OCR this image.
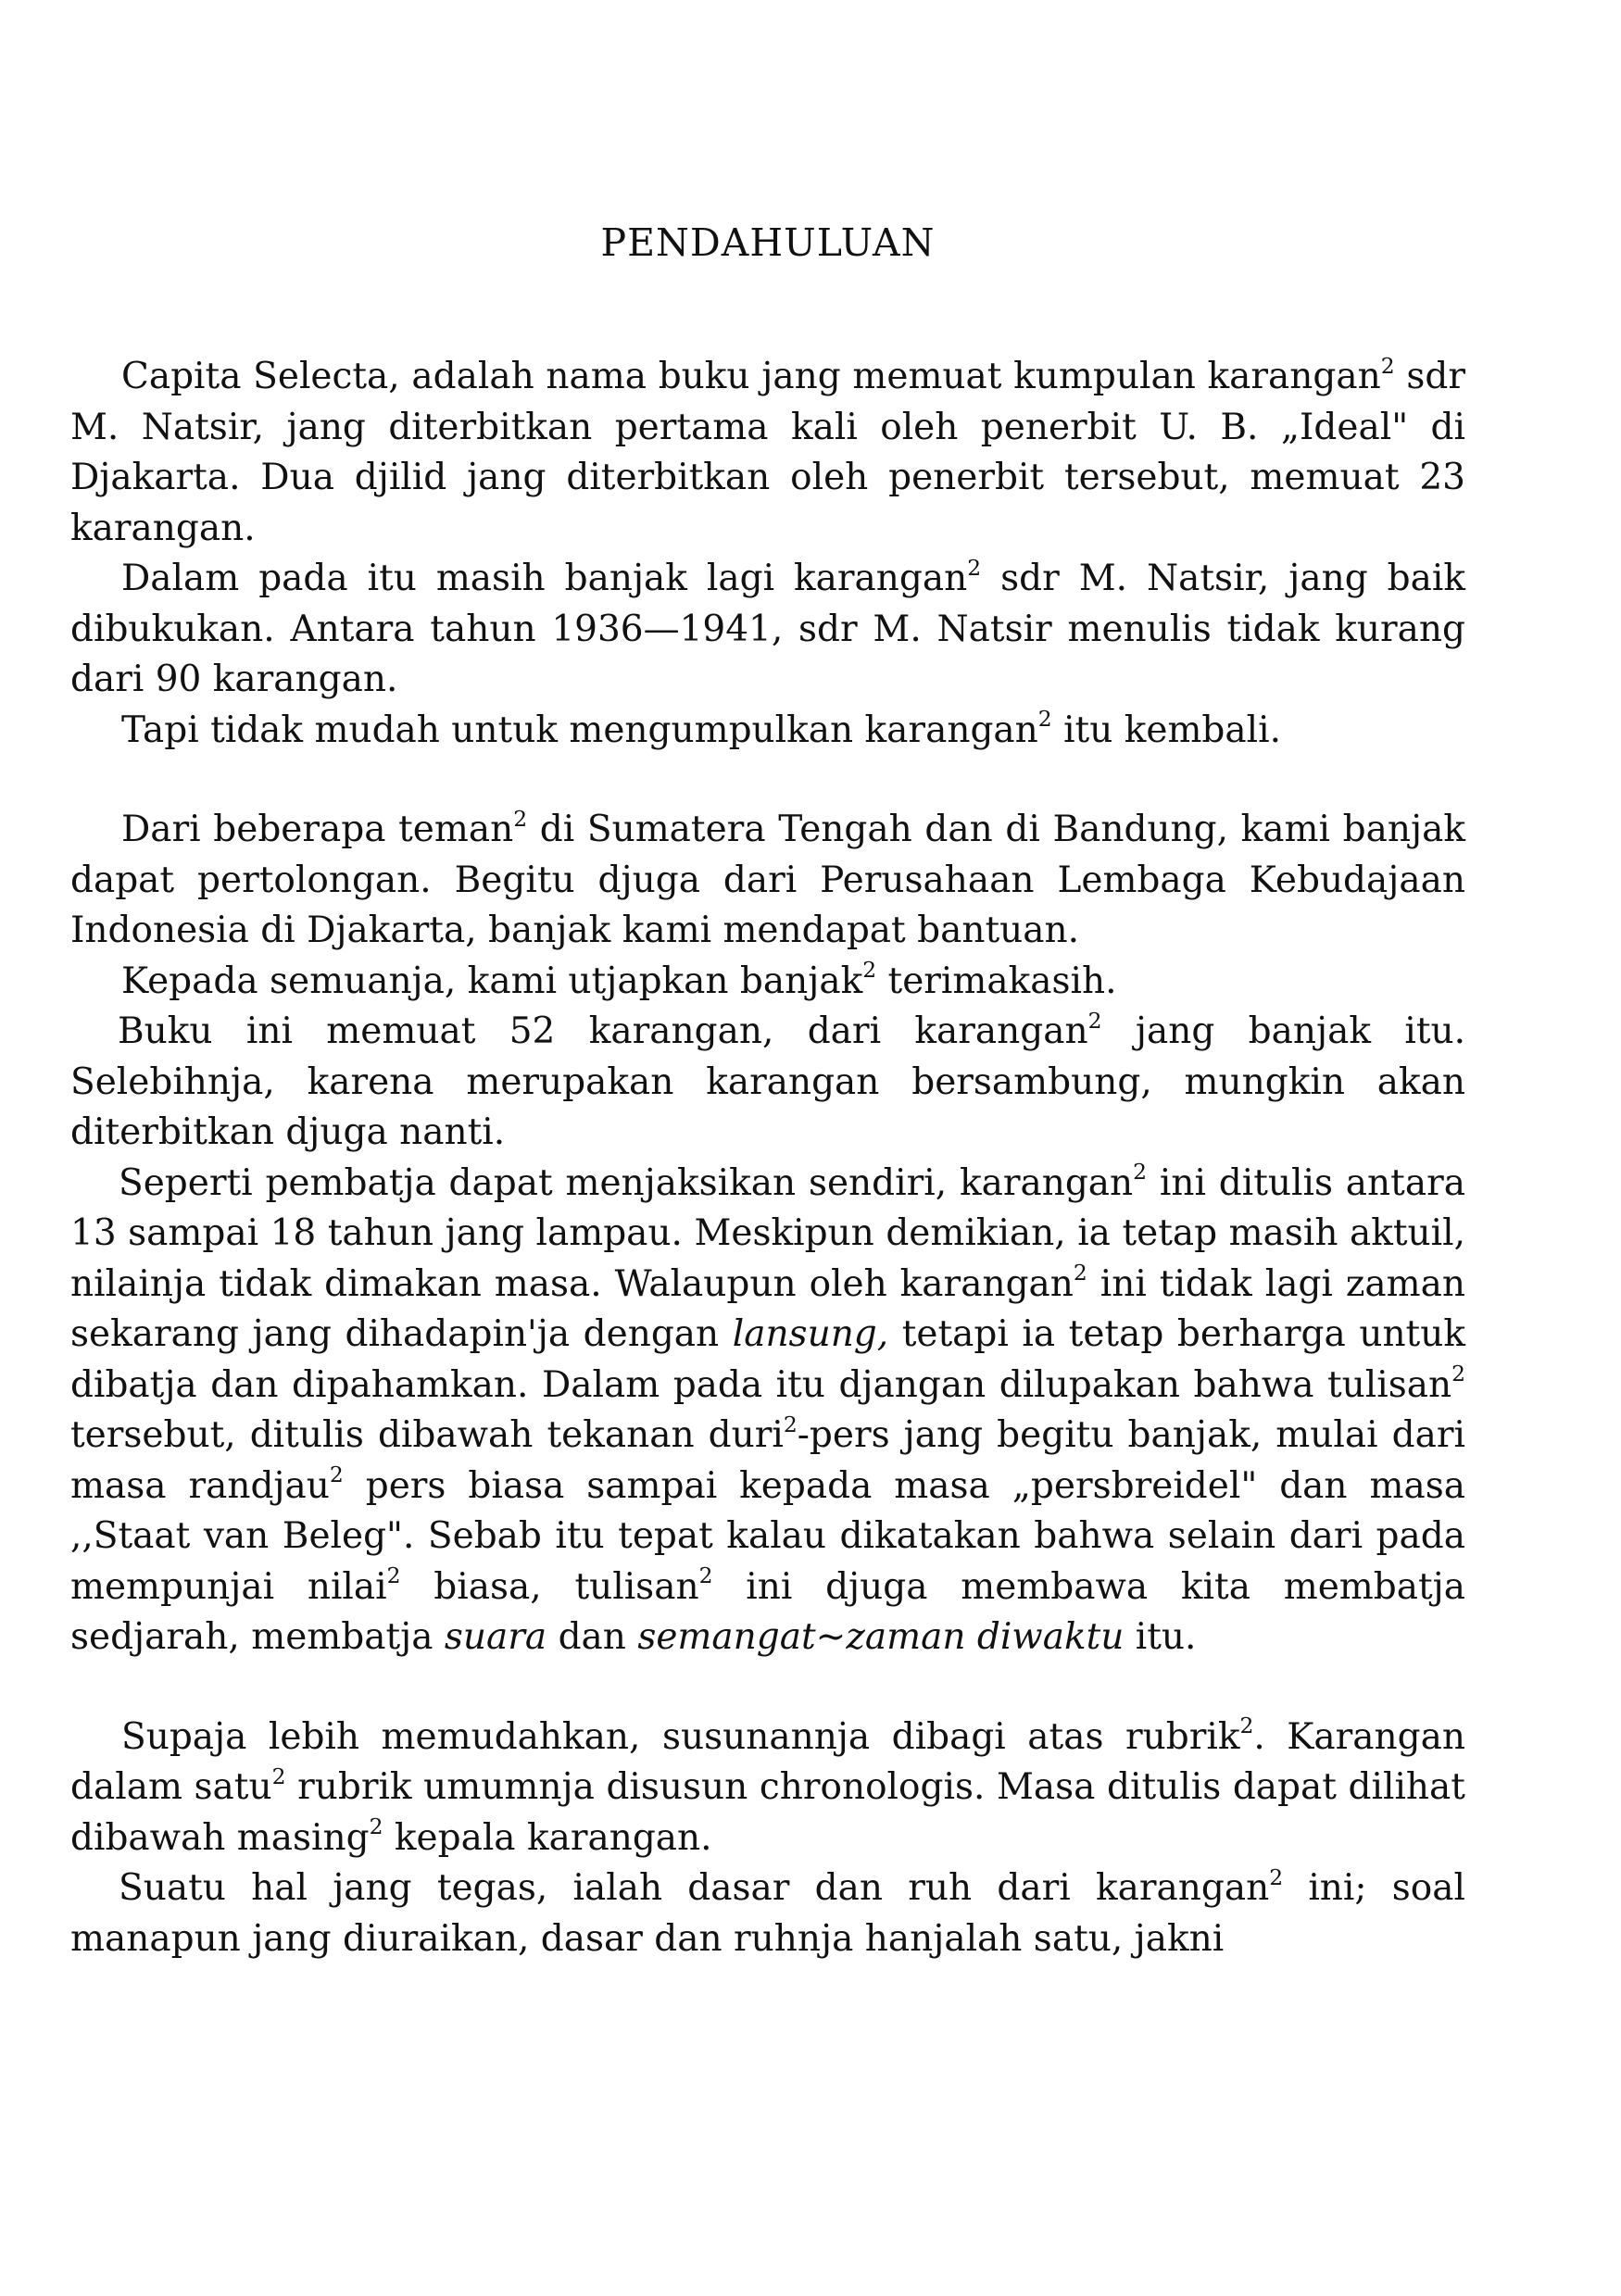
PENDAHULUAN

Capita Selecta, adalah nama buku jang memuat kumpulan karangan$^2$ sdr M. Natsir, jang diterbitkan pertama kali oleh penerbit U. B. „Ideal" di Djakarta. Dua djilid jang diterbitkan oleh penerbit tersebut, memuat 23 karangan.

Dalam pada itu masih banjak lagi karangan$^2$ sdr M. Natsir, jang baik dibukukan. Antara tahun 1936—1941, sdr M. Natsir menulis tidak kurang dari 90 karangan.

Tapi tidak mudah untuk mengumpulkan karangan$^2$ itu kembali.

Dari beberapa teman$^2$ di Sumatera Tengah dan di Bandung, kami banjak dapat pertolongan. Begitu djuga dari Perusahaan Lembaga Kebudajaan Indonesia di Djakarta, banjak kami mendapat bantuan.

Kepada semuanja, kami utjapkan banjak$^2$ terimakasih.

Buku ini memuat 52 karangan, dari karangan$^2$ jang banjak itu. Selebihnja, karena merupakan karangan bersambung, mungkin akan diterbitkan djuga nanti.

Seperti pembatja dapat menjaksikan sendiri, karangan$^2$ ini ditulis antara 13 sampai 18 tahun jang lampau. Meskipun demikian, ia tetap masih aktuil, nilainja tidak dimakan masa. Walaupun oleh karangan$^2$ ini tidak lagi zaman sekarang jang dihadapin'ja dengan lansung, tetapi ia tetap berharga untuk dibatja dan dipahamkan. Dalam pada itu djangan dilupakan bahwa tulisan$^2$ tersebut, ditulis dibawah tekanan duri$^2$-pers jang begitu banjak, mulai dari masa randjau$^2$ pers biasa sampai kepada masa „persbreidel" dan masa ,,Staat van Beleg". Sebab itu tepat kalau dikatakan bahwa selain dari pada mempunjai nilai$^2$ biasa, tulisan$^2$ ini djuga membawa kita membatja sedjarah, membatja suara dan semangat~zaman diwaktu itu.

Supaja lebih memudahkan, susunannja dibagi atas rubrik$^2$. Karangan dalam satu$^2$ rubrik umumnja disusun chronologis. Masa ditulis dapat dilihat dibawah masing$^2$ kepala karangan.

Suatu hal jang tegas, ialah dasar dan ruh dari karangan$^2$ ini; soal manapun jang diuraikan, dasar dan ruhnja hanjalah satu, jakni
